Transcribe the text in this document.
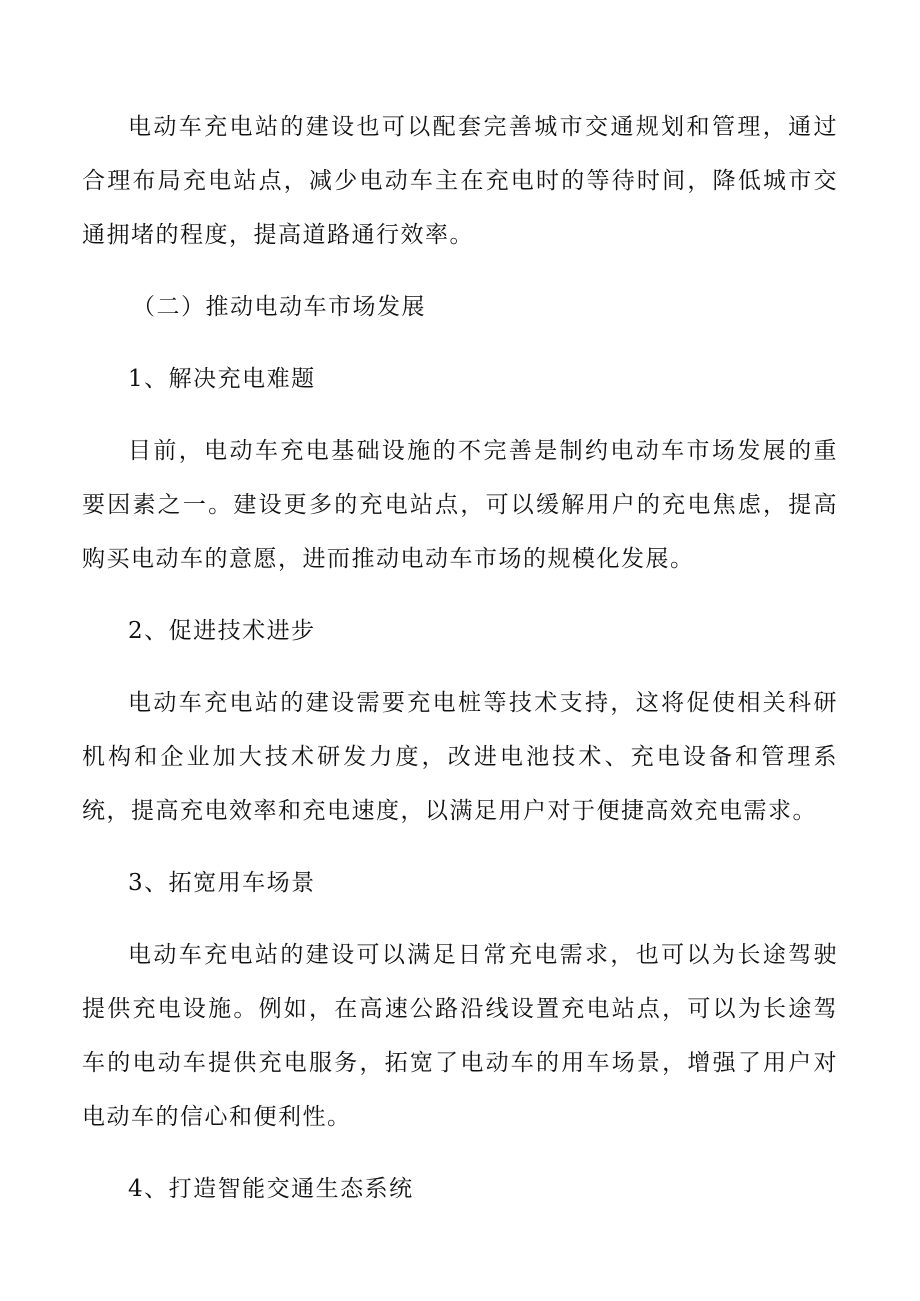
电动车充电站的建设也可以配套完善城市交通规划和管理，通过合理布局充电站点，减少电动车主在充电时的等待时间，降低城市交通拥堵的程度，提高道路通行效率。

（二）推动电动车市场发展

1、解决充电难题

目前，电动车充电基础设施的不完善是制约电动车市场发展的重要因素之一。建设更多的充电站点，可以缓解用户的充电焦虑，提高购买电动车的意愿，进而推动电动车市场的规模化发展。

2、促进技术进步

电动车充电站的建设需要充电桩等技术支持，这将促使相关科研机构和企业加大技术研发力度，改进电池技术、充电设备和管理系统，提高充电效率和充电速度，以满足用户对于便捷高效充电需求。

3、拓宽用车场景

电动车充电站的建设可以满足日常充电需求，也可以为长途驾驶提供充电设施。例如，在高速公路沿线设置充电站点，可以为长途驾车的电动车提供充电服务，拓宽了电动车的用车场景，增强了用户对电动车的信心和便利性。

4、打造智能交通生态系统
